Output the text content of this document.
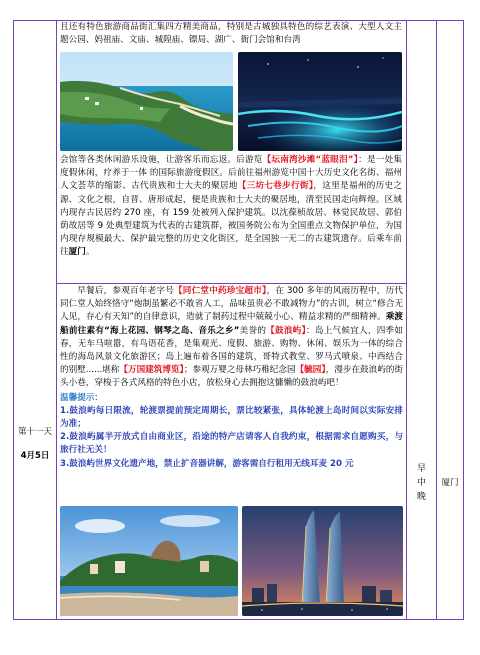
且还有特色旅游商品街汇集四方精美商品，特别是古城独具特色的综艺表演、大型人文主题公园、妈祖庙、文庙、城隍庙、镖局、湖广、衙门会馆和台湾
会馆等各类休闲游乐设施，让游客乐而忘返。后游览【坛南湾沙滩“蓝眼泪”】：是一处集度假休闲，疗养于一体 的国际旅游度假区。后前往福州游览中国十大历史文化名街、福州人文荟萃的缩影、古代贵族和士大夫的聚居地【三坊七巷步行街】，这里是福州的历史之源、文化之根，自晋、唐形成起，便是贵族和士大夫的聚居地，清至民国走向辉煌。区域内现存古民居约 270 座，有 159 处被列入保护建筑。以沈葆桢故居、林觉民故居、郭伯荫故居等 9 处典型建筑为代表的古建筑群，被国务院公布为全国重点文物保护单位，为国内现存规模最大、保护最完整的历史文化街区，是全国独一无二的古建筑遗存。后乘车前往厦门。
第十一天
4月5日
早餐后，参观百年老字号【同仁堂中药珍宝超市】，在 300 多年的风雨历程中，历代同仁堂人始终恪守“炮制虽繁必不敢省人工，品味虽贵必不敢减物力”的古训，树立“修合无人见，存心有天知”的自律意识，造就了制药过程中兢兢小心、精益求精的严细精神。乘渡船前往素有“海上花园、钢琴之岛、音乐之乡”美誉的【鼓浪屿】：岛上气候宜人，四季如春，无车马喧嚣，有鸟语花香，是集观光、度假、旅游、购物、休闲、娱乐为一体的综合性的海岛风景文化旅游区；岛上遍布着各国的建筑，哥特式教堂、罗马式喷泉、中西结合的别墅......堪称【万国建筑博览】；参观万婴之母林巧稚纪念园【毓园】，漫步在鼓浪屿的街头小巷，穿梭于各式风格的特色小店，放松身心去拥抱这慵懒的鼓浪屿吧！
温馨提示：
1.鼓浪屿每日限流，轮渡票提前预定周期长，票比较紧张，具体轮渡上岛时间以实际安排为准；
2.鼓浪屿属半开放式自由商业区，沿途的特产店请客人自我约束，根据需求自愿购买，与旅行社无关！
3.鼓浪屿世界文化遗产地，禁止扩音器讲解，游客需自行租用无线耳麦 20 元
早
中
晚
厦门
